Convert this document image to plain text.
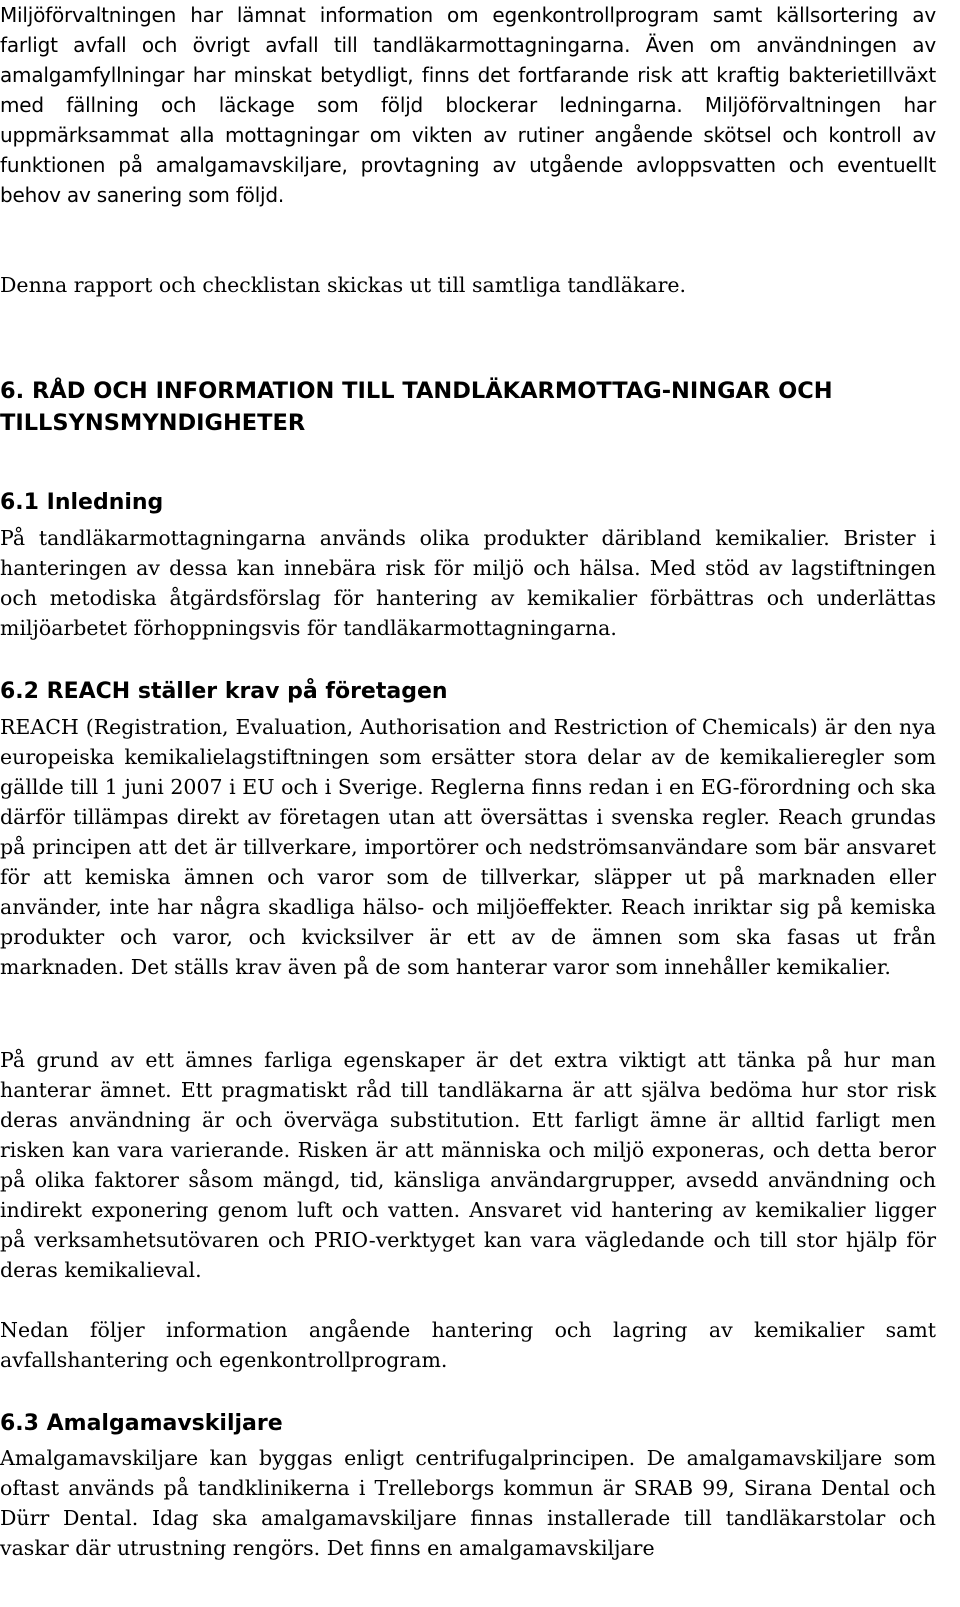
Miljöförvaltningen har lämnat information om egenkontrollprogram samt källsortering av farligt avfall och övrigt avfall till tandläkarmottagningarna. Även om användningen av amalgamfyllningar har minskat betydligt, finns det fortfarande risk att kraftig bakterietillväxt med fällning och läckage som följd blockerar ledningarna. Miljöförvaltningen har uppmärksammat alla mottagningar om vikten av rutiner angående skötsel och kontroll av funktionen på amalgamavskiljare, provtagning av utgående avloppsvatten och eventuellt behov av sanering som följd.

Denna rapport och checklistan skickas ut till samtliga tandläkare.

6. RÅD OCH INFORMATION TILL TANDLÄKARMOTTAG-NINGAR OCH TILLSYNSMYNDIGHETER
6.1 Inledning

På tandläkarmottagningarna används olika produkter däribland kemikalier. Brister i hanteringen av dessa kan innebära risk för miljö och hälsa. Med stöd av lagstiftningen och metodiska åtgärdsförslag för hantering av kemikalier förbättras och underlättas miljöarbetet förhoppningsvis för tandläkarmottagningarna.

6.2 REACH ställer krav på företagen

REACH (Registration, Evaluation, Authorisation and Restriction of Chemicals) är den nya europeiska kemikalielagstiftningen som ersätter stora delar av de kemikalieregler som gällde till 1 juni 2007 i EU och i Sverige. Reglerna finns redan i en EG-förordning och ska därför tillämpas direkt av företagen utan att översättas i svenska regler. Reach grundas på principen att det är tillverkare, importörer och nedströmsanvändare som bär ansvaret för att kemiska ämnen och varor som de tillverkar, släpper ut på marknaden eller använder, inte har några skadliga hälso- och miljöeffekter. Reach inriktar sig på kemiska produkter och varor, och kvicksilver är ett av de ämnen som ska fasas ut från marknaden. Det ställs krav även på de som hanterar varor som innehåller kemikalier.

På grund av ett ämnes farliga egenskaper är det extra viktigt att tänka på hur man hanterar ämnet. Ett pragmatiskt råd till tandläkarna är att själva bedöma hur stor risk deras användning är och överväga substitution. Ett farligt ämne är alltid farligt men risken kan vara varierande. Risken är att människa och miljö exponeras, och detta beror på olika faktorer såsom mängd, tid, känsliga användargrupper, avsedd användning och indirekt exponering genom luft och vatten. Ansvaret vid hantering av kemikalier ligger på verksamhetsutövaren och PRIO-verktyget kan vara vägledande och till stor hjälp för deras kemikalieval.

Nedan följer information angående hantering och lagring av kemikalier samt avfallshantering och egenkontrollprogram.

6.3 Amalgamavskiljare

Amalgamavskiljare kan byggas enligt centrifugalprincipen. De amalgamavskiljare som oftast används på tandklinikerna i Trelleborgs kommun är SRAB 99, Sirana Dental och Dürr Dental. Idag ska amalgamavskiljare finnas installerade till tandläkarstolar och vaskar där utrustning rengörs. Det finns en amalgamavskiljare
